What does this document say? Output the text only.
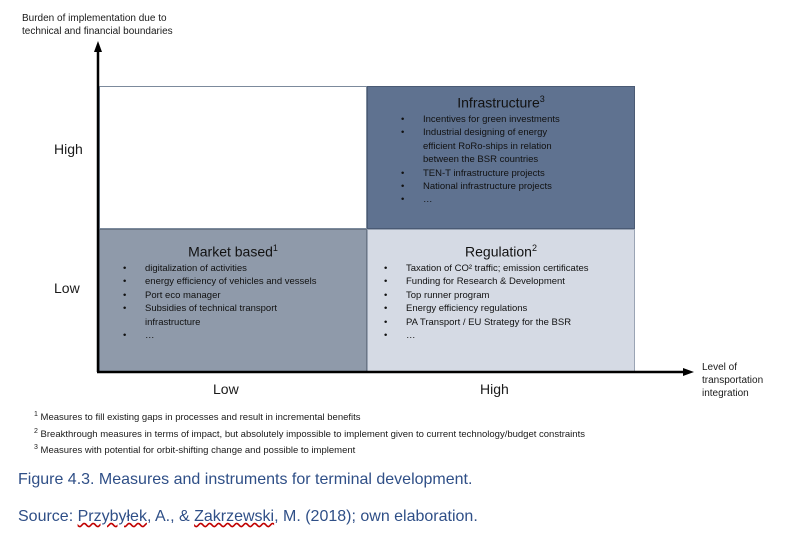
Burden of implementation due to
technical and financial boundaries
Level of
transportation
integration
High
Low
Low	High
Infrastructure$^3$
• Incentives for green investments
• Industrial designing of energy
efficient RoRo-ships in relation
between the BSR countries
• TEN-T infrastructure projects
• National infrastructure projects
• …
Market based$^1$
• digitalization of activities
• energy efficiency of vehicles and vessels
• Port eco manager
• Subsidies of technical transport
infrastructure
• …
Regulation$^2$
• Taxation of CO² traffic; emission certificates
• Funding for Research & Development
• Top runner program
• Energy efficiency regulations
• PA Transport / EU Strategy for the BSR
• …
$^1$ Measures to fill existing gaps in processes and result in incremental benefits
$^2$ Breakthrough measures in terms of impact, but absolutely impossible to implement given to current technology/budget constraints
$^3$ Measures with potential for orbit-shifting change and possible to implement
Figure 4.3. Measures and instruments for terminal development.
Source: Przybyłek, A., & Zakrzewski, M. (2018); own elaboration.
